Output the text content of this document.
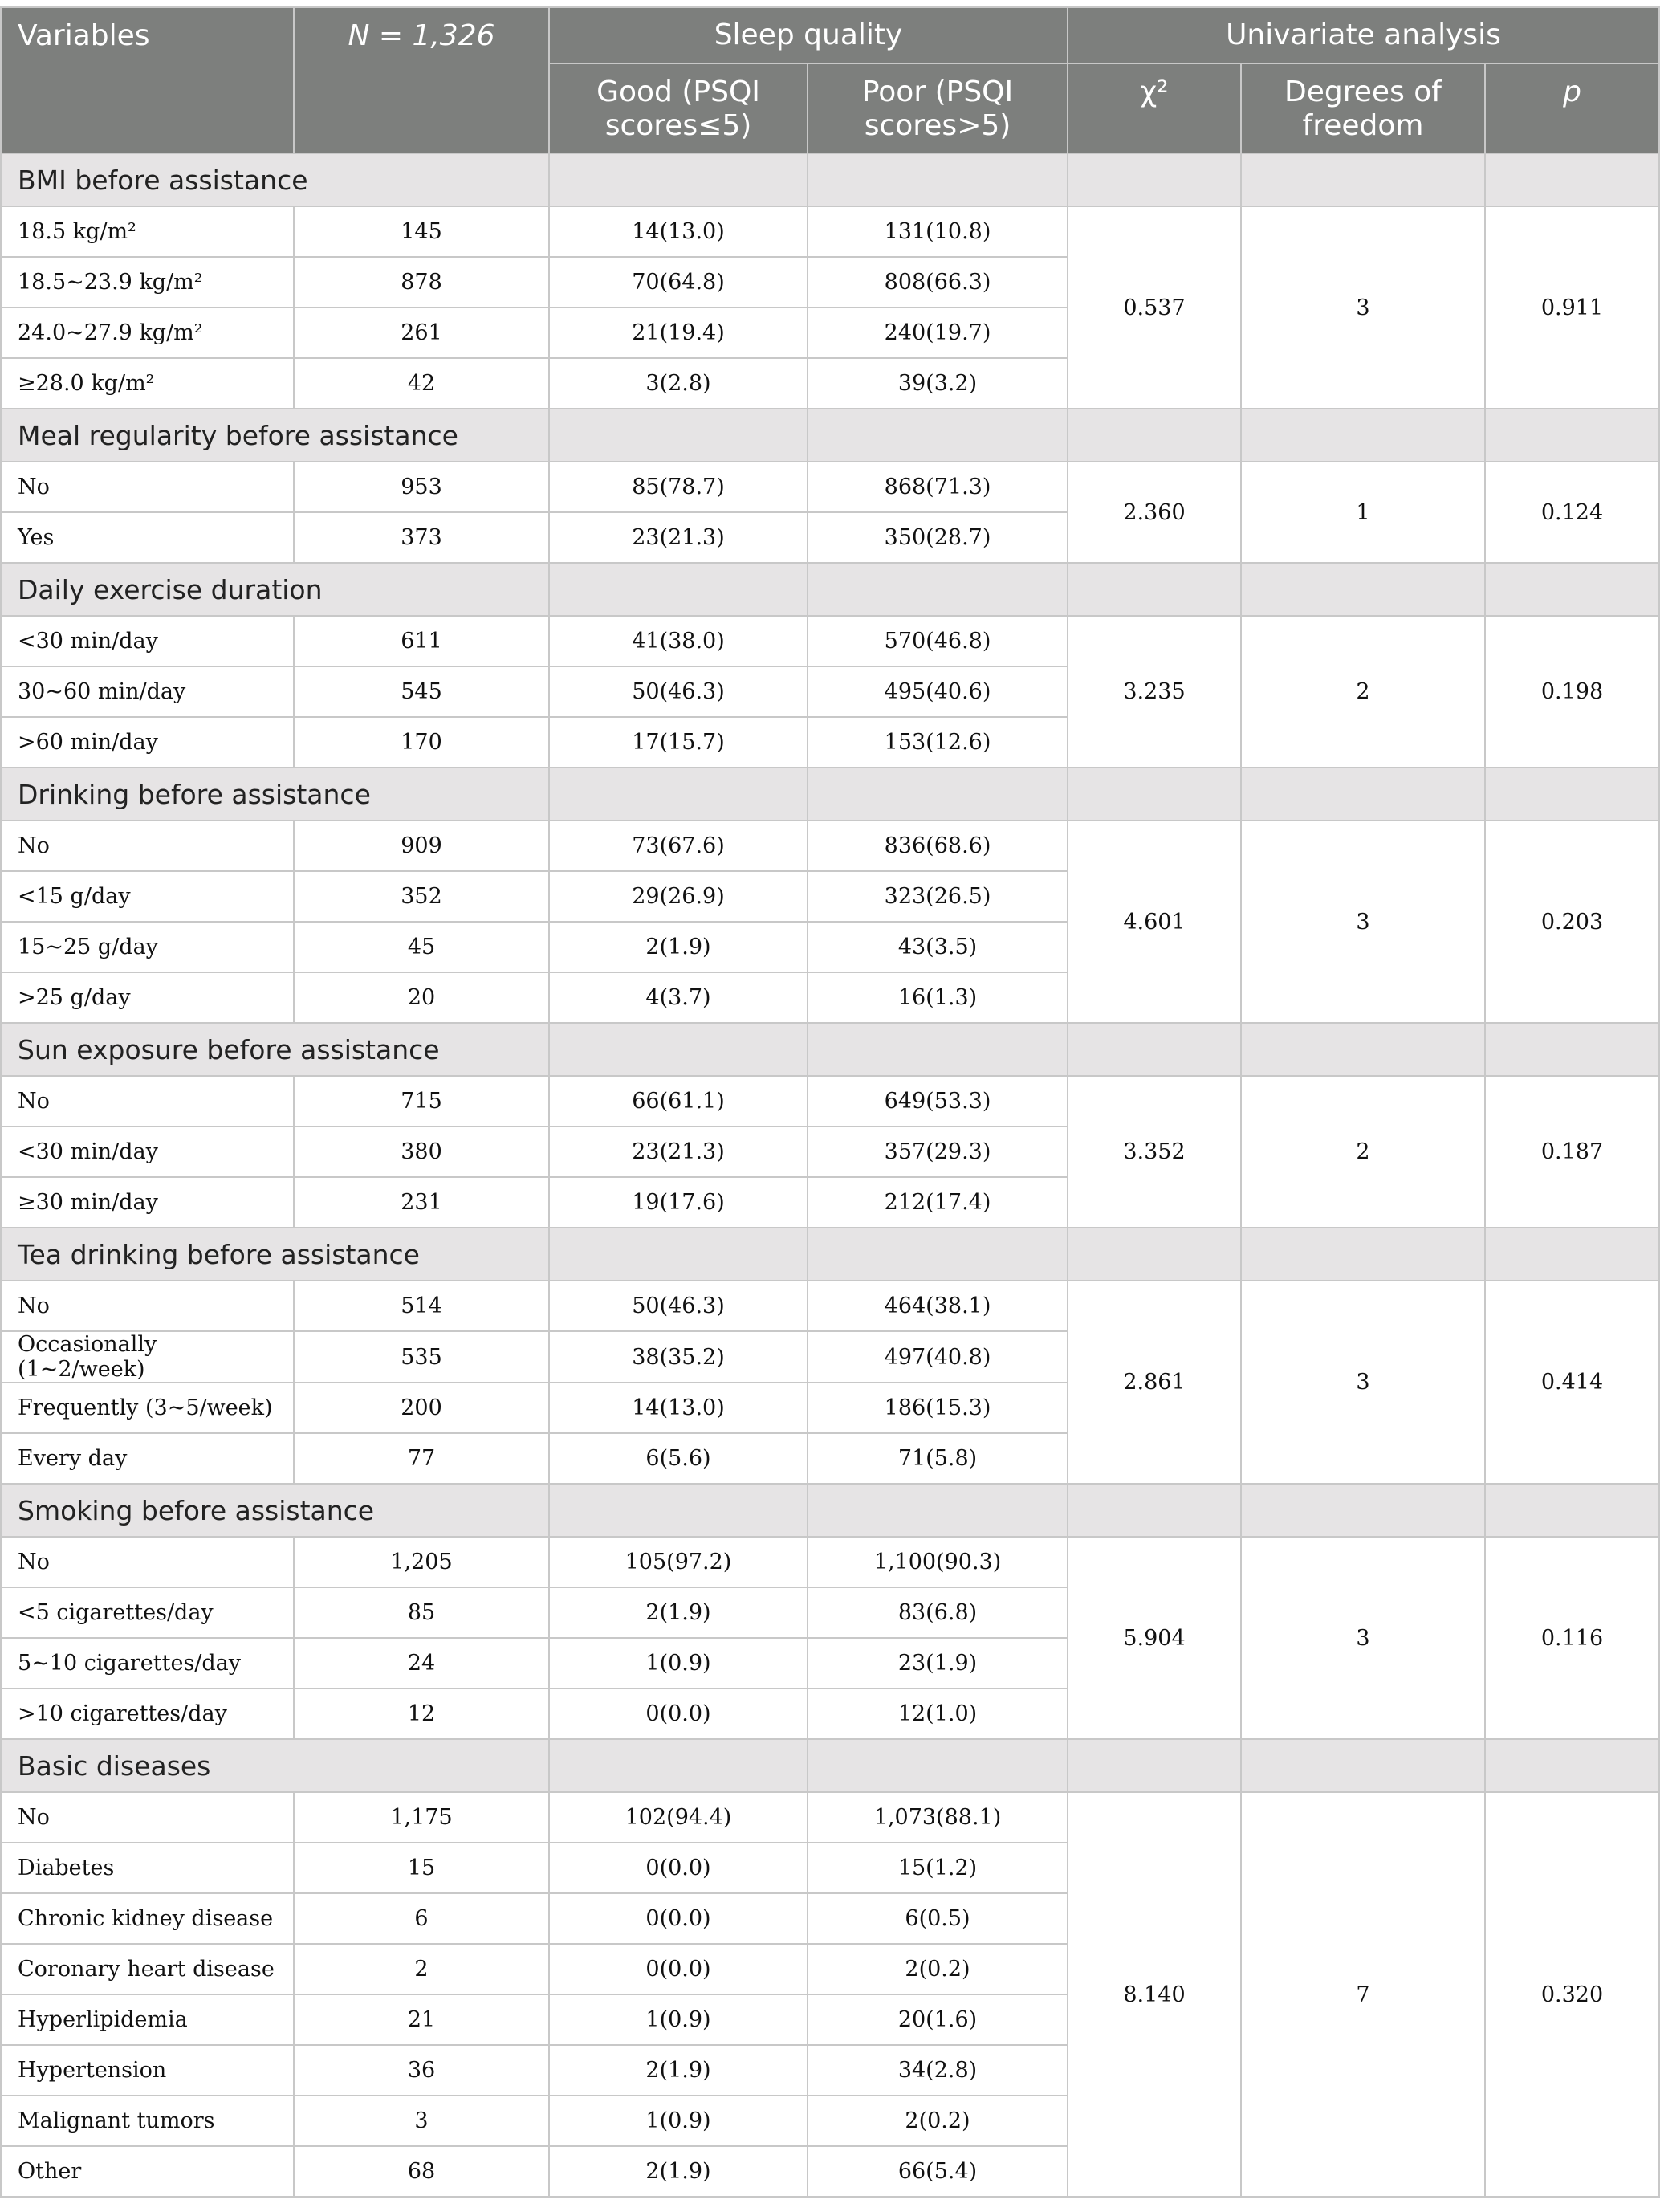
Variables	N = 1,326	Sleep quality		Univariate analysis		
		Good (PSQI scores≤5)	Poor (PSQI scores>5)	χ²	Degrees of freedom	p
BMI before assistance						
18.5 kg/m²	145	14(13.0)	131(10.8)	0.537	3	0.911
18.5~23.9 kg/m²	878	70(64.8)	808(66.3)			
24.0~27.9 kg/m²	261	21(19.4)	240(19.7)			
≥28.0 kg/m²	42	3(2.8)	39(3.2)			
Meal regularity before assistance						
No	953	85(78.7)	868(71.3)	2.360	1	0.124
Yes	373	23(21.3)	350(28.7)			
Daily exercise duration						
<30 min/day	611	41(38.0)	570(46.8)	3.235	2	0.198
30~60 min/day	545	50(46.3)	495(40.6)			
>60 min/day	170	17(15.7)	153(12.6)			
Drinking before assistance						
No	909	73(67.6)	836(68.6)	4.601	3	0.203
<15 g/day	352	29(26.9)	323(26.5)			
15~25 g/day	45	2(1.9)	43(3.5)			
>25 g/day	20	4(3.7)	16(1.3)			
Sun exposure before assistance						
No	715	66(61.1)	649(53.3)	3.352	2	0.187
<30 min/day	380	23(21.3)	357(29.3)			
≥30 min/day	231	19(17.6)	212(17.4)			
Tea drinking before assistance						
No	514	50(46.3)	464(38.1)	2.861	3	0.414
Occasionally (1~2/week)	535	38(35.2)	497(40.8)			
Frequently (3~5/week)	200	14(13.0)	186(15.3)			
Every day	77	6(5.6)	71(5.8)			
Smoking before assistance						
No	1,205	105(97.2)	1,100(90.3)	5.904	3	0.116
<5 cigarettes/day	85	2(1.9)	83(6.8)			
5~10 cigarettes/day	24	1(0.9)	23(1.9)			
>10 cigarettes/day	12	0(0.0)	12(1.0)			
Basic diseases						
No	1,175	102(94.4)	1,073(88.1)	8.140	7	0.320
Diabetes	15	0(0.0)	15(1.2)			
Chronic kidney disease	6	0(0.0)	6(0.5)			
Coronary heart disease	2	0(0.0)	2(0.2)			
Hyperlipidemia	21	1(0.9)	20(1.6)			
Hypertension	36	2(1.9)	34(2.8)			
Malignant tumors	3	1(0.9)	2(0.2)			
Other	68	2(1.9)	66(5.4)			
